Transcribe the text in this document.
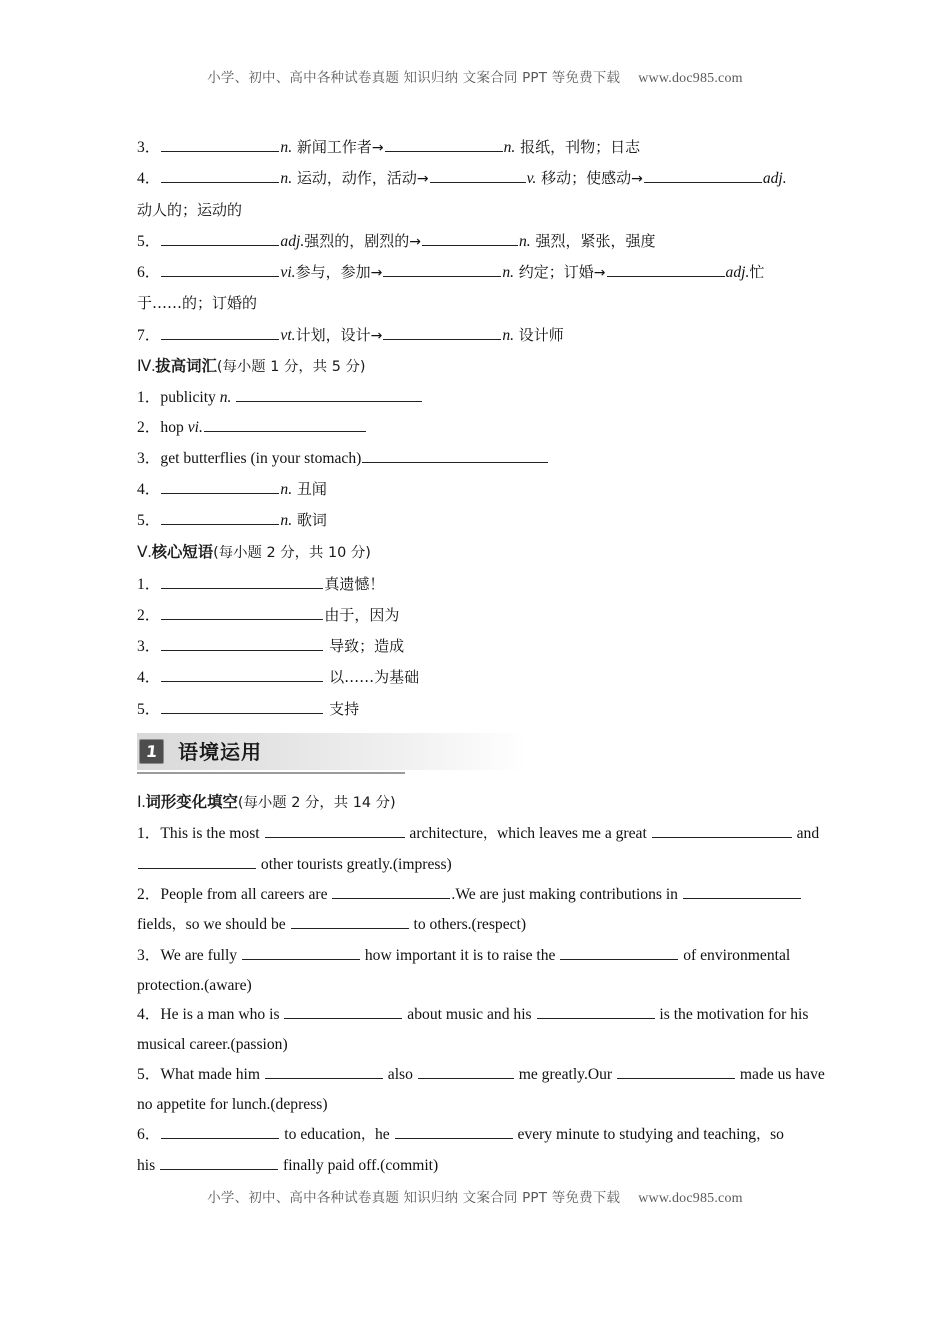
小学、初中、高中各种试卷真题 知识归纳 文案合同 PPT 等免费下载 www.doc985.com
3．	n. 新闻工作者→	n. 报纸，刊物；日志
4．	n. 运动，动作，活动→	v. 移动；使感动→	adj.
动人的；运动的
5．	adj.强烈的，剧烈的→	n. 强烈，紧张，强度
6．	vi.参与，参加→	n. 约定；订婚→	adj.忙
于……的；订婚的
7．	vt.计划，设计→	n. 设计师
Ⅳ.拔高词汇(每小题 1 分，共 5 分)
1．publicity n.
2．hop vi.
3．get butterflies (in your stomach)
4．	n. 丑闻
5．	n. 歌词
Ⅴ.核心短语(每小题 2 分，共 10 分)
1．	真遗憾！
2．	由于，因为
3．	导致；造成
4．	以……为基础
5．	支持
1 语境运用
Ⅰ.词形变化填空(每小题 2 分，共 14 分)
1．This is the most	architecture，which leaves me a great	and
other tourists greatly.(impress)
2．People from all careers are	.We are just making contributions in
fields，so we should be	to others.(respect)
3．We are fully	how important it is to raise the	of environmental
protection.(aware)
4．He is a man who is	about music and his	is the motivation for his
musical career.(passion)
5．What made him	also	me greatly.Our	made us have
no appetite for lunch.(depress)
6．	to education，he	every minute to studying and teaching，so
his	finally paid off.(commit)
小学、初中、高中各种试卷真题 知识归纳 文案合同 PPT 等免费下载 www.doc985.com
